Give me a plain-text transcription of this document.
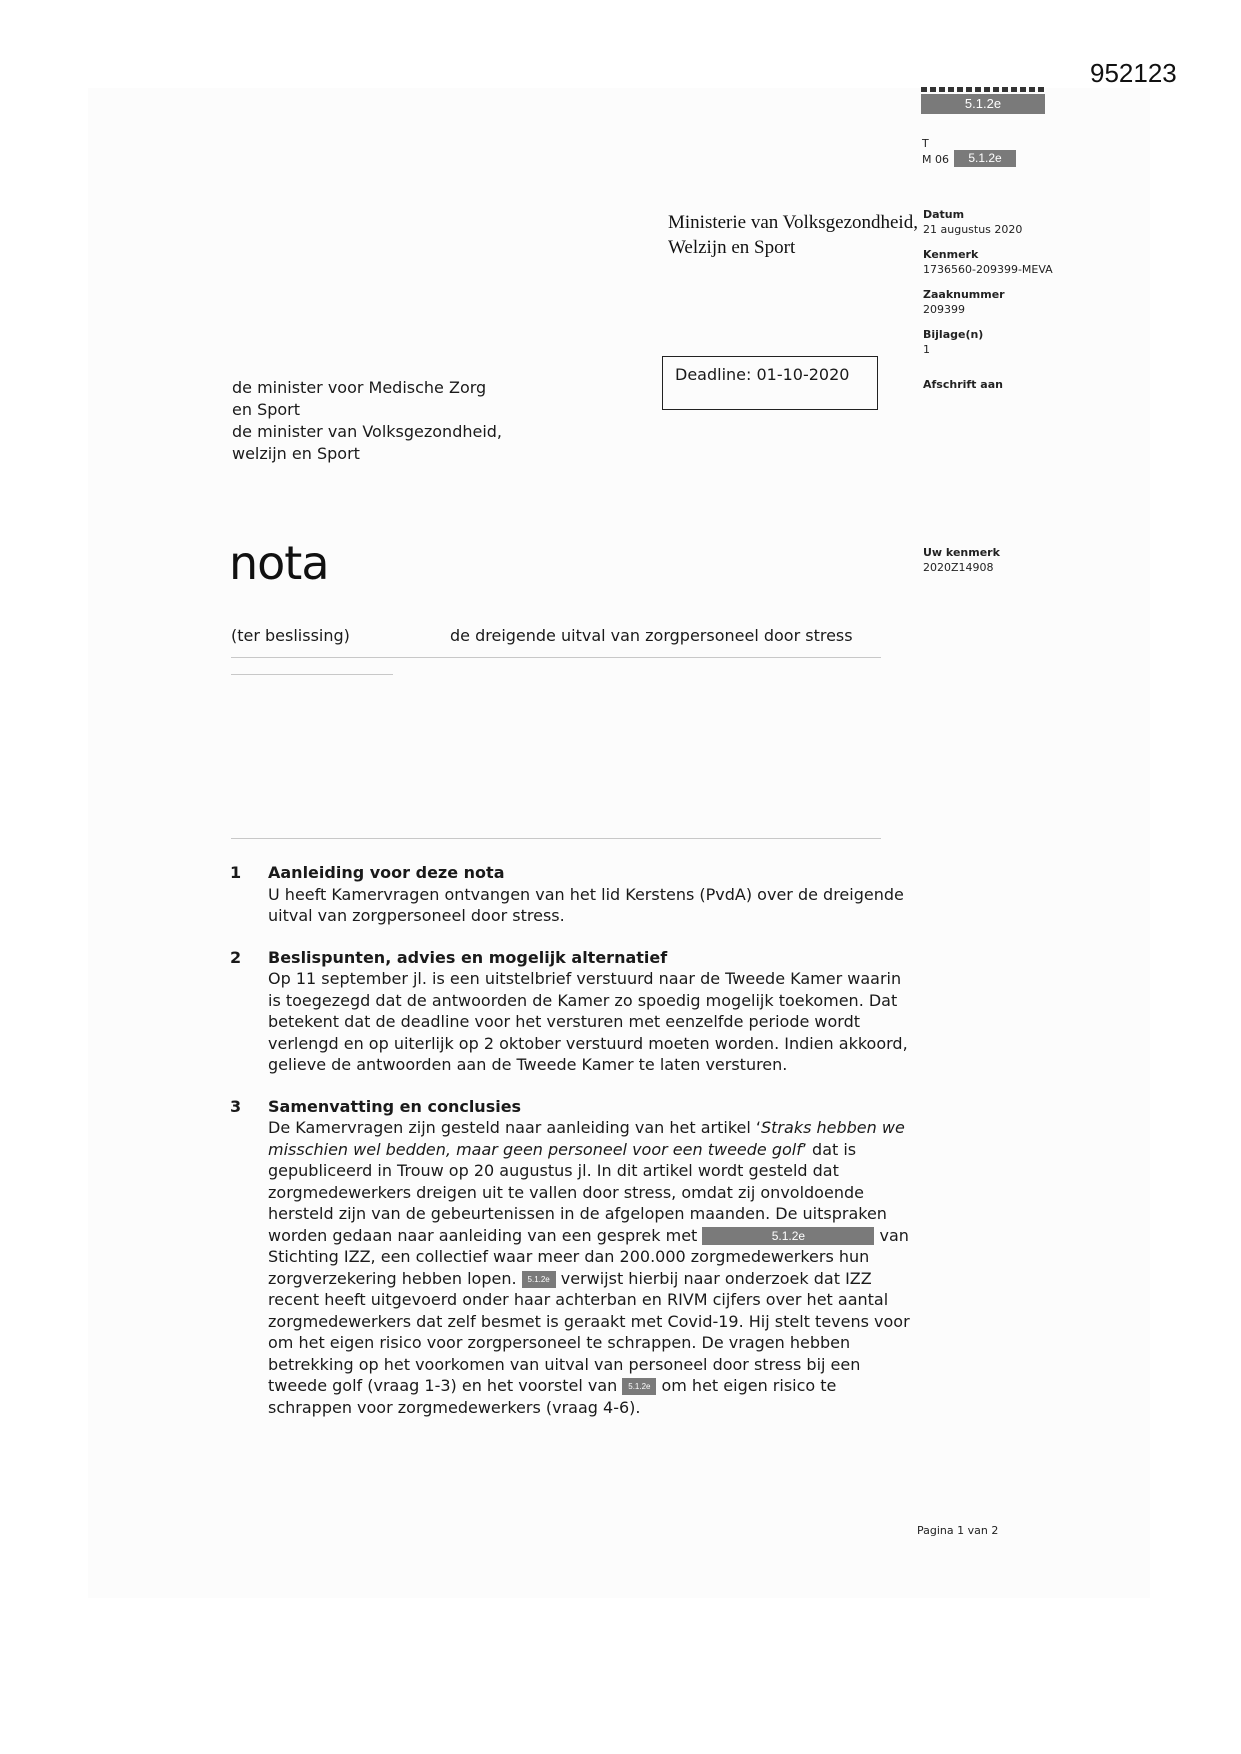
952123
5.1.2e
T
M 06	5.1.2e
Datum
21 augustus 2020
Kenmerk
1736560-209399-MEVA
Zaaknummer
209399
Bijlage(n)
1
Afschrift aan
Uw kenmerk
2020Z14908
Ministerie van Volksgezondheid,
Welzijn en Sport
Deadline: 01-10-2020
de minister voor Medische Zorg
en Sport
de minister van Volksgezondheid,
welzijn en Sport
nota
(ter beslissing)	de dreigende uitval van zorgpersoneel door stress
1 Aanleiding voor deze nota

U heeft Kamervragen ontvangen van het lid Kerstens (PvdA) over de dreigende uitval van zorgpersoneel door stress.

2 Beslispunten, advies en mogelijk alternatief

Op 11 september jl. is een uitstelbrief verstuurd naar de Tweede Kamer waarin is toegezegd dat de antwoorden de Kamer zo spoedig mogelijk toekomen. Dat betekent dat de deadline voor het versturen met eenzelfde periode wordt verlengd en op uiterlijk op 2 oktober verstuurd moeten worden. Indien akkoord, gelieve de antwoorden aan de Tweede Kamer te laten versturen.

3 Samenvatting en conclusies

De Kamervragen zijn gesteld naar aanleiding van het artikel ‘Straks hebben we misschien wel bedden, maar geen personeel voor een tweede golf’ dat is gepubliceerd in Trouw op 20 augustus jl. In dit artikel wordt gesteld dat zorgmedewerkers dreigen uit te vallen door stress, omdat zij onvoldoende hersteld zijn van de gebeurtenissen in de afgelopen maanden. De uitspraken worden gedaan naar aanleiding van een gesprek met	5.1.2e	van Stichting IZZ, een collectief waar meer dan 200.000 zorgmedewerkers hun zorgverzekering hebben lopen. 5.1.2e verwijst hierbij naar onderzoek dat IZZ recent heeft uitgevoerd onder haar achterban en RIVM cijfers over het aantal zorgmedewerkers dat zelf besmet is geraakt met Covid-19. Hij stelt tevens voor om het eigen risico voor zorgpersoneel te schrappen. De vragen hebben betrekking op het voorkomen van uitval van personeel door stress bij een tweede golf (vraag 1-3) en het voorstel van 5.1.2e om het eigen risico te schrappen voor zorgmedewerkers (vraag 4-6).

Pagina 1 van 2
